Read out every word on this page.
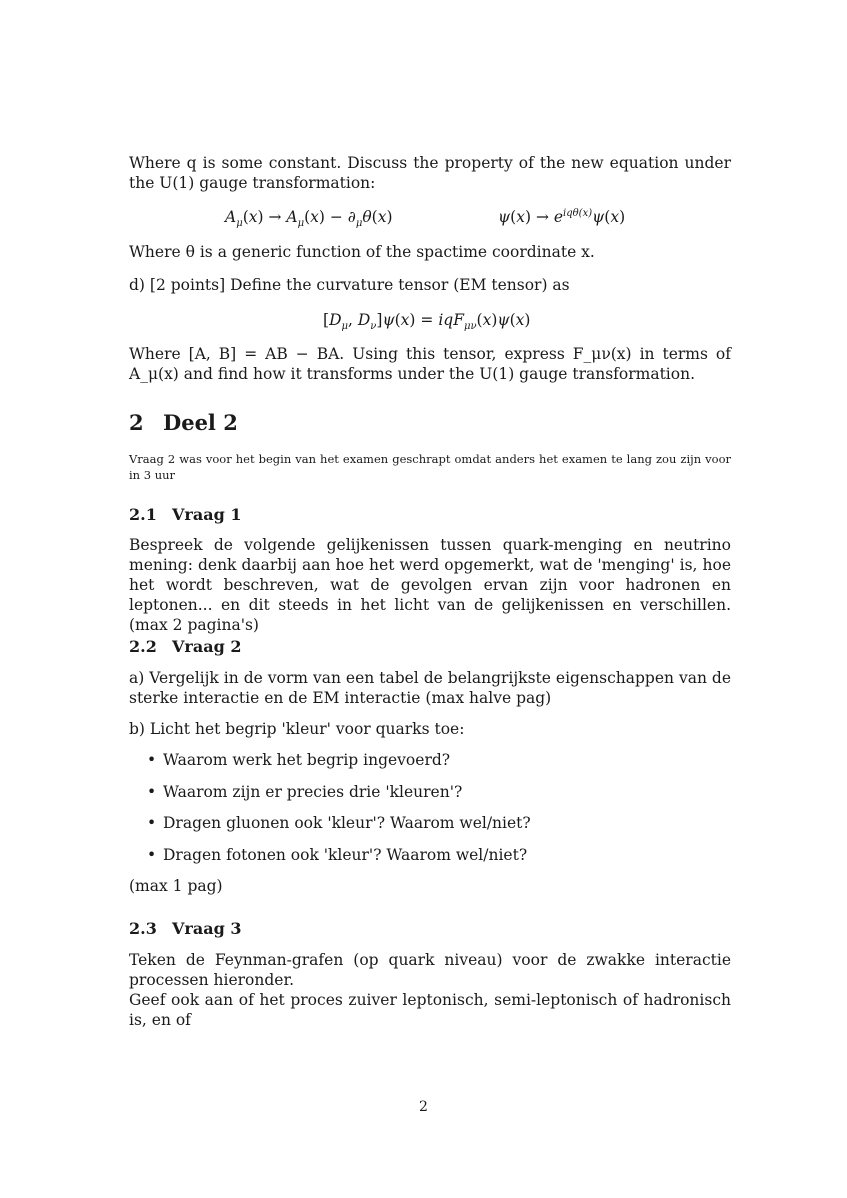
Where q is some constant. Discuss the property of the new equation under the U(1) gauge transformation:

$A_\mu(x) \to A_\mu(x) - \partial_\mu\theta(x)$	$\psi(x) \to e^{iq\theta(x)}\psi(x)$

Where θ is a generic function of the spactime coordinate x.

d) [2 points] Define the curvature tensor (EM tensor) as

[$D_\mu$, $D_\nu]\psi(x) = iqF_{\mu\nu}(x)\psi(x)$

Where [A, B] = AB − BA. Using this tensor, express F_μν(x) in terms of A_μ(x) and find how it transforms under the U(1) gauge transformation.

2 Deel 2

Vraag 2 was voor het begin van het examen geschrapt omdat anders het examen te lang zou zijn voor in 3 uur

2.1 Vraag 1

Bespreek de volgende gelijkenissen tussen quark-menging en neutrino mening: denk daarbij aan hoe het werd opgemerkt, wat de 'menging' is, hoe het wordt beschreven, wat de gevolgen ervan zijn voor hadronen en leptonen... en dit steeds in het licht van de gelijkenissen en verschillen. (max 2 pagina's)

2.2 Vraag 2

a) Vergelijk in de vorm van een tabel de belangrijkste eigenschappen van de sterke interactie en de EM interactie (max halve pag)

b) Licht het begrip 'kleur' voor quarks toe:

• Waarom werk het begrip ingevoerd?
• Waarom zijn er precies drie 'kleuren'?
• Dragen gluonen ook 'kleur'? Waarom wel/niet?
• Dragen fotonen ook 'kleur'? Waarom wel/niet?

(max 1 pag)

2.3 Vraag 3

Teken de Feynman-grafen (op quark niveau) voor de zwakke interactie processen hieronder.

Geef ook aan of het proces zuiver leptonisch, semi-leptonisch of hadronisch is, en of

2
